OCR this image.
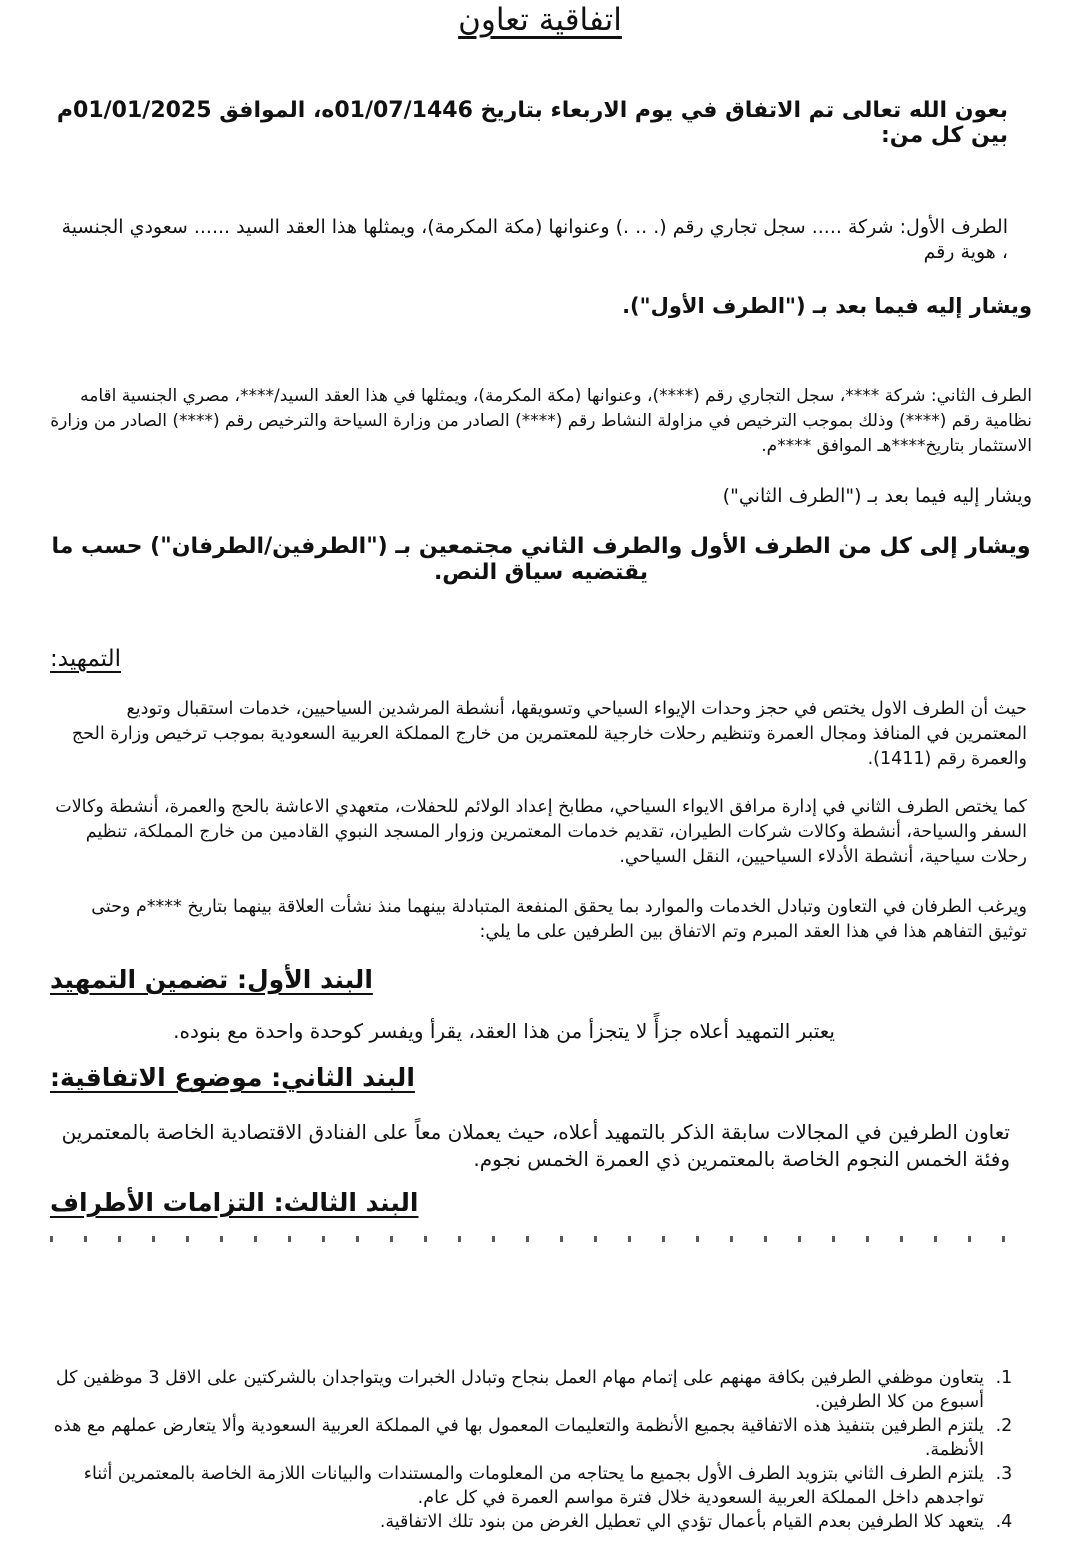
اتفاقية تعاون
بعون الله تعالى تم الاتفاق في يوم الاربعاء بتاريخ 01/07/1446ه، الموافق 01/01/2025م بين كل من:
الطرف الأول: شركة ..... سجل تجاري رقم (. .. .) وعنوانها (مكة المكرمة)، ويمثلها هذا العقد السيد ...... سعودي الجنسية ، هوية رقم
ويشار إليه فيما بعد بـ ("الطرف الأول").
الطرف الثاني: شركة ****، سجل التجاري رقم (****)، وعنوانها (مكة المكرمة)، ويمثلها في هذا العقد السيد/****، مصري الجنسية اقامه نظامية رقم (****) وذلك بموجب الترخيص في مزاولة النشاط رقم (****) الصادر من وزارة السياحة والترخيص رقم (****) الصادر من وزارة الاستثمار بتاريخ****هـ الموافق ****م.
ويشار إليه فيما بعد بـ ("الطرف الثاني")
ويشار إلى كل من الطرف الأول والطرف الثاني مجتمعين بـ ("الطرفين/الطرفان") حسب ما يقتضيه سياق النص.
التمهيد:
حيث أن الطرف الاول يختص في حجز وحدات الإيواء السياحي وتسويقها، أنشطة المرشدين السياحيين، خدمات استقبال وتوديع المعتمرين في المنافذ ومجال العمرة وتنظيم رحلات خارجية للمعتمرين من خارج المملكة العربية السعودية بموجب ترخيص وزارة الحج والعمرة رقم (1411).
كما يختص الطرف الثاني في إدارة مرافق الايواء السياحي، مطابخ إعداد الولائم للحفلات، متعهدي الاعاشة بالحج والعمرة، أنشطة وكالات السفر والسياحة، أنشطة وكالات شركات الطيران، تقديم خدمات المعتمرين وزوار المسجد النبوي القادمين من خارج المملكة، تنظيم رحلات سياحية، أنشطة الأدلاء السياحيين، النقل السياحي.
ويرغب الطرفان في التعاون وتبادل الخدمات والموارد بما يحقق المنفعة المتبادلة بينهما منذ نشأت العلاقة بينهما بتاريخ ****م وحتى توثيق التفاهم هذا في هذا العقد المبرم وتم الاتفاق بين الطرفين على ما يلي:
البند الأول: تضمين التمهيد
يعتبر التمهيد أعلاه جزأً لا يتجزأ من هذا العقد، يقرأ ويفسر كوحدة واحدة مع بنوده.
البند الثاني: موضوع الاتفاقية:
تعاون الطرفين في المجالات سابقة الذكر بالتمهيد أعلاه، حيث يعملان معاً على الفنادق الاقتصادية الخاصة بالمعتمرين وفئة الخمس النجوم الخاصة بالمعتمرين ذي العمرة الخمس نجوم.
البند الثالث: التزامات الأطراف
1. يتعاون موظفي الطرفين بكافة مهنهم على إتمام مهام العمل بنجاح وتبادل الخبرات ويتواجدان بالشركتين على الاقل 3 موظفين كل أسبوع من كلا الطرفين.
2. يلتزم الطرفين بتنفيذ هذه الاتفاقية بجميع الأنظمة والتعليمات المعمول بها في المملكة العربية السعودية وألا يتعارض عملهم مع هذه الأنظمة.
3. يلتزم الطرف الثاني بتزويد الطرف الأول بجميع ما يحتاجه من المعلومات والمستندات والبيانات اللازمة الخاصة بالمعتمرين أثناء تواجدهم داخل المملكة العربية السعودية خلال فترة مواسم العمرة في كل عام.
4. يتعهد كلا الطرفين بعدم القيام بأعمال تؤدي الي تعطيل الغرض من بنود تلك الاتفاقية.
